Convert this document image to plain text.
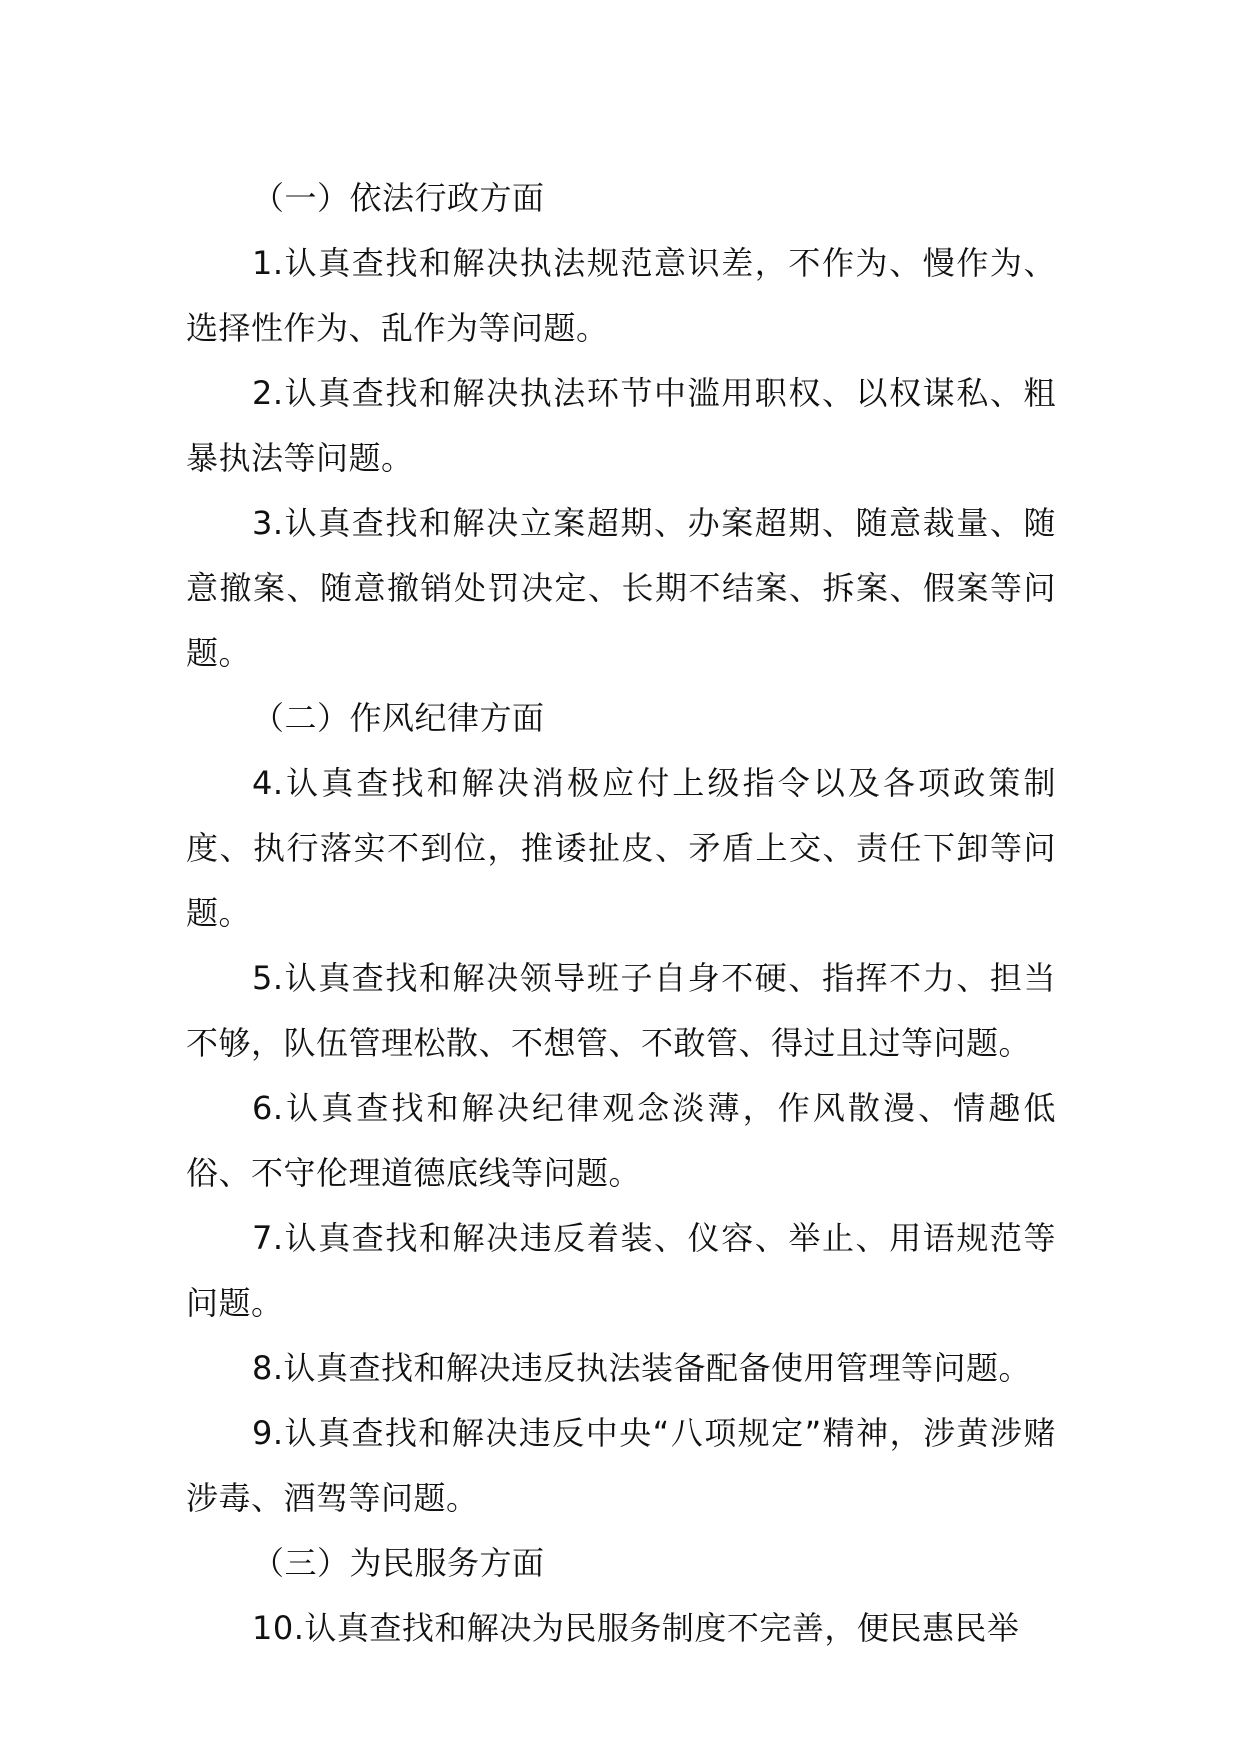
（一）依法行政方面

1.认真查找和解决执法规范意识差，不作为、慢作为、选择性作为、乱作为等问题。

2.认真查找和解决执法环节中滥用职权、以权谋私、粗暴执法等问题。

3.认真查找和解决立案超期、办案超期、随意裁量、随意撤案、随意撤销处罚决定、长期不结案、拆案、假案等问题。

（二）作风纪律方面

4.认真查找和解决消极应付上级指令以及各项政策制度、执行落实不到位，推诿扯皮、矛盾上交、责任下卸等问题。

5.认真查找和解决领导班子自身不硬、指挥不力、担当不够，队伍管理松散、不想管、不敢管、得过且过等问题。

6.认真查找和解决纪律观念淡薄，作风散漫、情趣低俗、不守伦理道德底线等问题。

7.认真查找和解决违反着装、仪容、举止、用语规范等问题。

8.认真查找和解决违反执法装备配备使用管理等问题。

9.认真查找和解决违反中央“八项规定”精神，涉黄涉赌涉毒、酒驾等问题。

（三）为民服务方面

10.认真查找和解决为民服务制度不完善，便民惠民举
